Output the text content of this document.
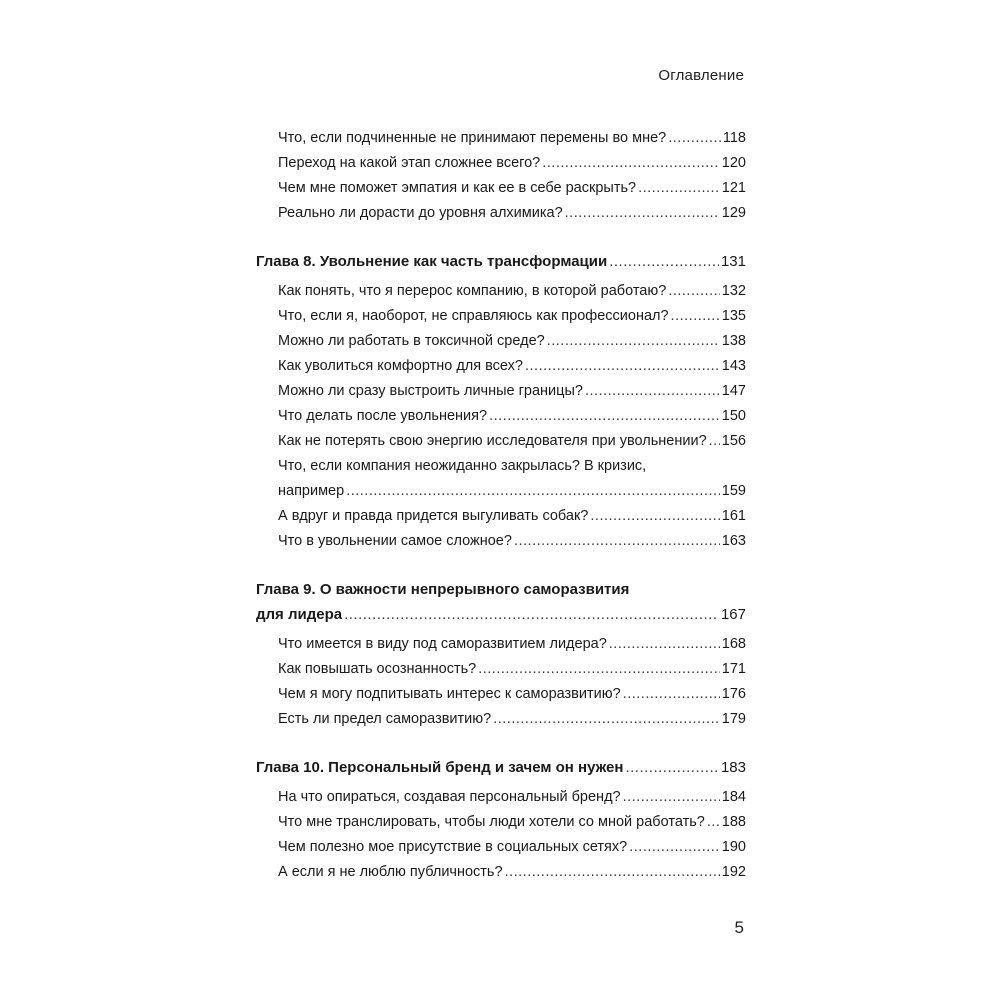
Оглавление
Что, если подчиненные не принимают перемены во мне? .....	118
Переход на какой этап сложнее всего? .....	120
Чем мне поможет эмпатия и как ее в себе раскрыть? .....	121
Реально ли дорасти до уровня алхимика? .....	129
Глава 8. Увольнение как часть трансформации .....	131
Как понять, что я перерос компанию, в которой работаю? .....	132
Что, если я, наоборот, не справляюсь как профессионал? .....	135
Можно ли работать в токсичной среде? .....	138
Как уволиться комфортно для всех? .....	143
Можно ли сразу выстроить личные границы? .....	147
Что делать после увольнения? .....	150
Как не потерять свою энергию исследователя при увольнении? ..... 156
Что, если компания неожиданно закрылась? В кризис,
например .....	159
А вдруг и правда придется выгуливать собак? .....	161
Что в увольнении самое сложное? .....	163
Глава 9. О важности непрерывного саморазвития
для лидера .....	167
Что имеется в виду под саморазвитием лидера? .....	168
Как повышать осознанность? .....	171
Чем я могу подпитывать интерес к саморазвитию? .....	176
Есть ли предел саморазвитию? .....	179
Глава 10. Персональный бренд и зачем он нужен .....	183
На что опираться, создавая персональный бренд? .....	184
Что мне транслировать, чтобы люди хотели со мной работать? ..... 188
Чем полезно мое присутствие в социальных сетях? .....	190
А если я не люблю публичность? .....	192
5
